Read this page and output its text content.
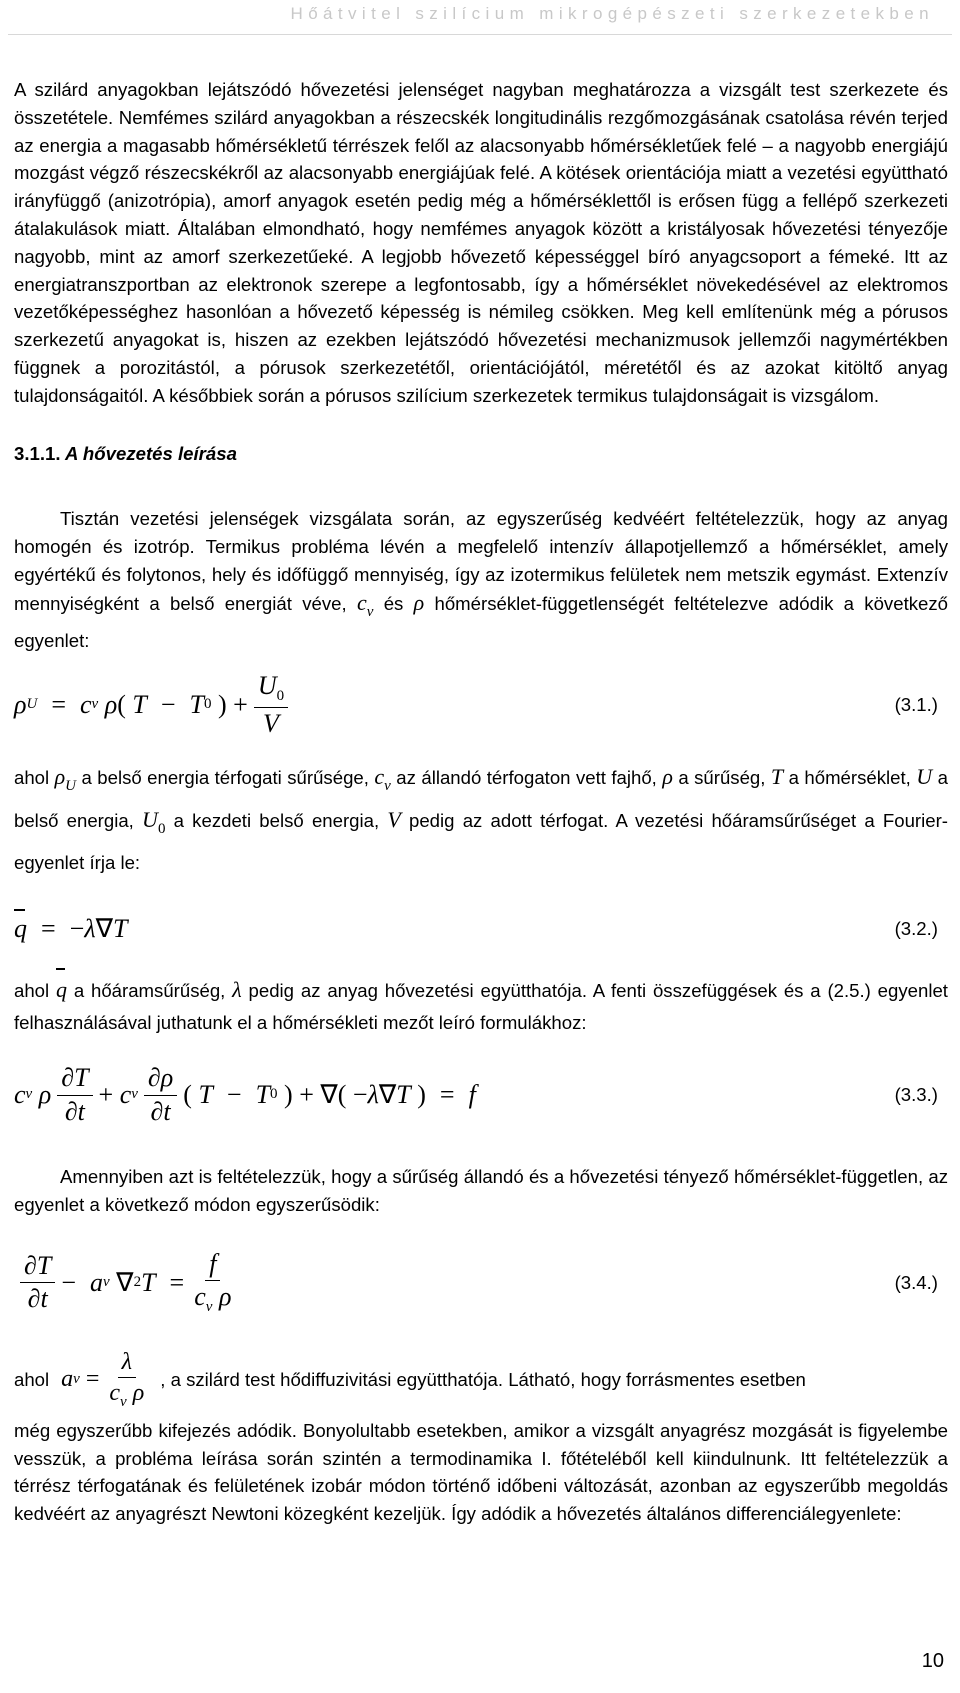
Hőátvitel szilícium mikrogépészeti szerkezetekben

A szilárd anyagokban lejátszódó hővezetési jelenséget nagyban meghatározza a vizsgált test szerkezete és összetétele. Nemfémes szilárd anyagokban a részecskék longitudinális rezgőmozgásának csatolása révén terjed az energia a magasabb hőmérsékletű térrészek felől az alacsonyabb hőmérsékletűek felé – a nagyobb energiájú mozgást végző részecskékről az alacsonyabb energiájúak felé. A kötések orientációja miatt a vezetési együttható irányfüggő (anizotrópia), amorf anyagok esetén pedig még a hőmérséklettől is erősen függ a fellépő szerkezeti átalakulások miatt. Általában elmondható, hogy nemfémes anyagok között a kristályosak hővezetési tényezője nagyobb, mint az amorf szerkezetűeké. A legjobb hővezető képességgel bíró anyagcsoport a fémeké. Itt az energiatranszportban az elektronok szerepe a legfontosabb, így a hőmérséklet növekedésével az elektromos vezetőképességhez hasonlóan a hővezető képesség is némileg csökken. Meg kell említenünk még a pórusos szerkezetű anyagokat is, hiszen az ezekben lejátszódó hővezetési mechanizmusok jellemzői nagymértékben függnek a porozitástól, a pórusok szerkezetétől, orientációjától, méretétől és az azokat kitöltő anyag tulajdonságaitól. A későbbiek során a pórusos szilícium szerkezetek termikus tulajdonságait is vizsgálom.

3.1.1. A hővezetés leírása

Tisztán vezetési jelenségek vizsgálata során, az egyszerűség kedvéért feltételezzük, hogy az anyag homogén és izotróp. Termikus probléma lévén a megfelelő intenzív állapotjellemző a hőmérséklet, amely egyértékű és folytonos, hely és időfüggő mennyiség, így az izotermikus felületek nem metszik egymást. Extenzív mennyiségként a belső energiát véve, $c_v$ és ρ hőmérséklet-függetlenségét feltételezve adódik a következő egyenlet:

ρ U = c v
ρ ( T − T 0 ) + $\frac{U_0}{V}$	(3.1.)

ahol $\rho_U$ a belső energia térfogati sűrűsége, $c_v$ az állandó térfogaton vett fajhő, ρ a sűrűség, T a hőmérséklet, U a belső energia, $U_0$ a kezdeti belső energia, V pedig az adott térfogat. A vezetési hőáramsűrűséget a Fourier-egyenlet írja le:

q = − λ ∇ T	(3.2.)

ahol q a hőáramsűrűség, λ pedig az anyag hővezetési együtthatója. A fenti összefüggések és a (2.5.) egyenlet felhasználásával juthatunk el a hőmérsékleti mezőt leíró formulákhoz:

c v
ρ $\frac{\partial T}{\partial t} + c$ v $\frac{\partial\rho}{\partial t}$ ( T − T 0 ) + ∇( − λ ∇ T ) = f	(3.3.)

Amennyiben azt is feltételezzük, hogy a sűrűség állandó és a hővezetési tényező hőmérséklet-független, az egyenlet a következő módon egyszerűsödik:

$\frac{\partial T}{\partial t} - a$ v ∇ 2 $T = \frac{f}{c_v \rho}$	(3.4.)

ahol a $v = \frac{\lambda}{c_v \rho}$ , a szilárd test hődiffuzivitási együtthatója. Látható, hogy forrásmentes esetben

még egyszerűbb kifejezés adódik. Bonyolultabb esetekben, amikor a vizsgált anyagrész mozgását is figyelembe vesszük, a probléma leírása során szintén a termodinamika I. főtételéből kell kiindulnunk. Itt feltételezzük a térrész térfogatának és felületének izobár módon történő időbeni változását, azonban az egyszerűbb megoldás kedvéért az anyagrészt Newtoni közegként kezeljük. Így adódik a hővezetés általános differenciálegyenlete:

10
